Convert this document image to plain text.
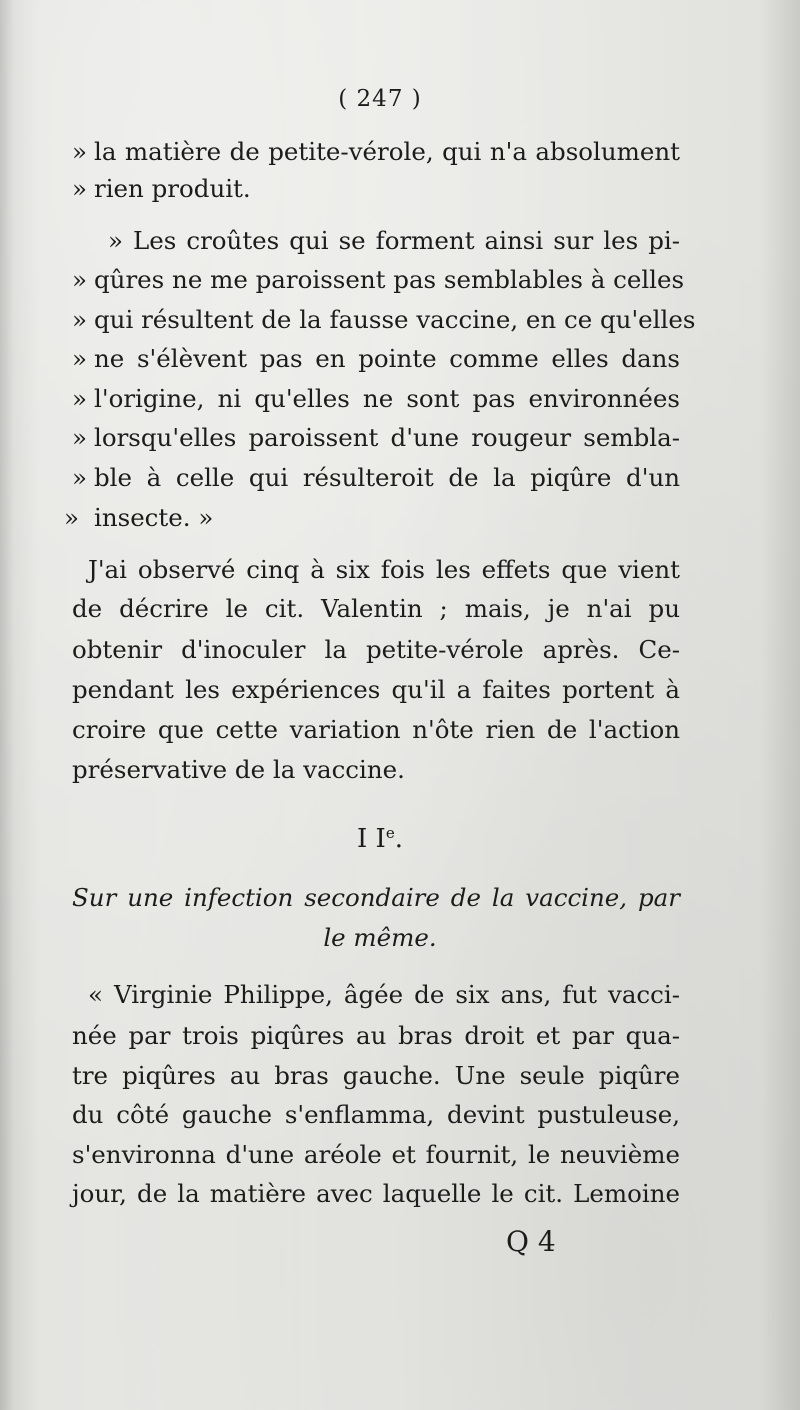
( 247 )
» la matière de petite-vérole, qui n'a absolument
» rien produit.
» Les croûtes qui se forment ainsi sur les pi-
» qûres ne me paroissent pas semblables à celles
» qui résultent de la fausse vaccine, en ce qu'elles
» ne s'élèvent pas en pointe comme elles dans
» l'origine, ni qu'elles ne sont pas environnées
» lorsqu'elles paroissent d'une rougeur sembla-
» ble à celle qui résulteroit de la piqûre d'un
» insecte. »
J'ai observé cinq à six fois les effets que vient
de décrire le cit. Valentin ; mais, je n'ai pu
obtenir d'inoculer la petite-vérole après. Ce-
pendant les expériences qu'il a faites portent à
croire que cette variation n'ôte rien de l'action
préservative de la vaccine.
I Ie.
Sur une infection secondaire de la vaccine, par
le même.
« Virginie Philippe, âgée de six ans, fut vacci-
née par trois piqûres au bras droit et par qua-
tre piqûres au bras gauche. Une seule piqûre
du côté gauche s'enflamma, devint pustuleuse,
s'environna d'une aréole et fournit, le neuvième
jour, de la matière avec laquelle le cit. Lemoine
Q 4
